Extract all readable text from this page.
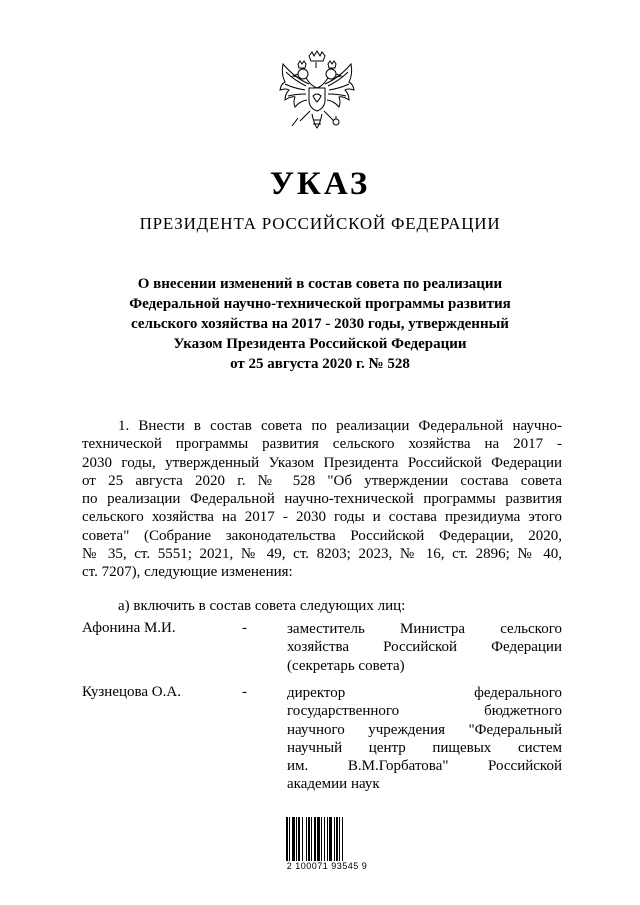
УКАЗ
ПРЕЗИДЕНТА РОССИЙСКОЙ ФЕДЕРАЦИИ
О внесении изменений в состав совета по реализации
Федеральной научно-технической программы развития
сельского хозяйства на 2017 - 2030 годы, утвержденный
Указом Президента Российской Федерации
от 25 августа 2020 г. № 528
1. Внести в состав совета по реализации Федеральной научно-
технической программы развития сельского хозяйства на 2017 -
2030 годы, утвержденный Указом Президента Российской Федерации
от 25 августа 2020 г. № 528 "Об утверждении состава совета
по реализации Федеральной научно-технической программы развития
сельского хозяйства на 2017 - 2030 годы и состава президиума этого
совета" (Собрание законодательства Российской Федерации, 2020,
№ 35, ст. 5551; 2021, № 49, ст. 8203; 2023, № 16, ст. 2896; № 40,
ст. 7207), следующие изменения:
а) включить в состав совета следующих лиц:
Афонина М.И.	-	заместитель Министра сельского
хозяйства Российской Федерации
(секретарь совета)
Кузнецова О.А.	-	директор федерального
государственного бюджетного
научного учреждения "Федеральный
научный центр пищевых систем
им. В.М.Горбатова" Российской
академии наук
2 100071 93545 9
